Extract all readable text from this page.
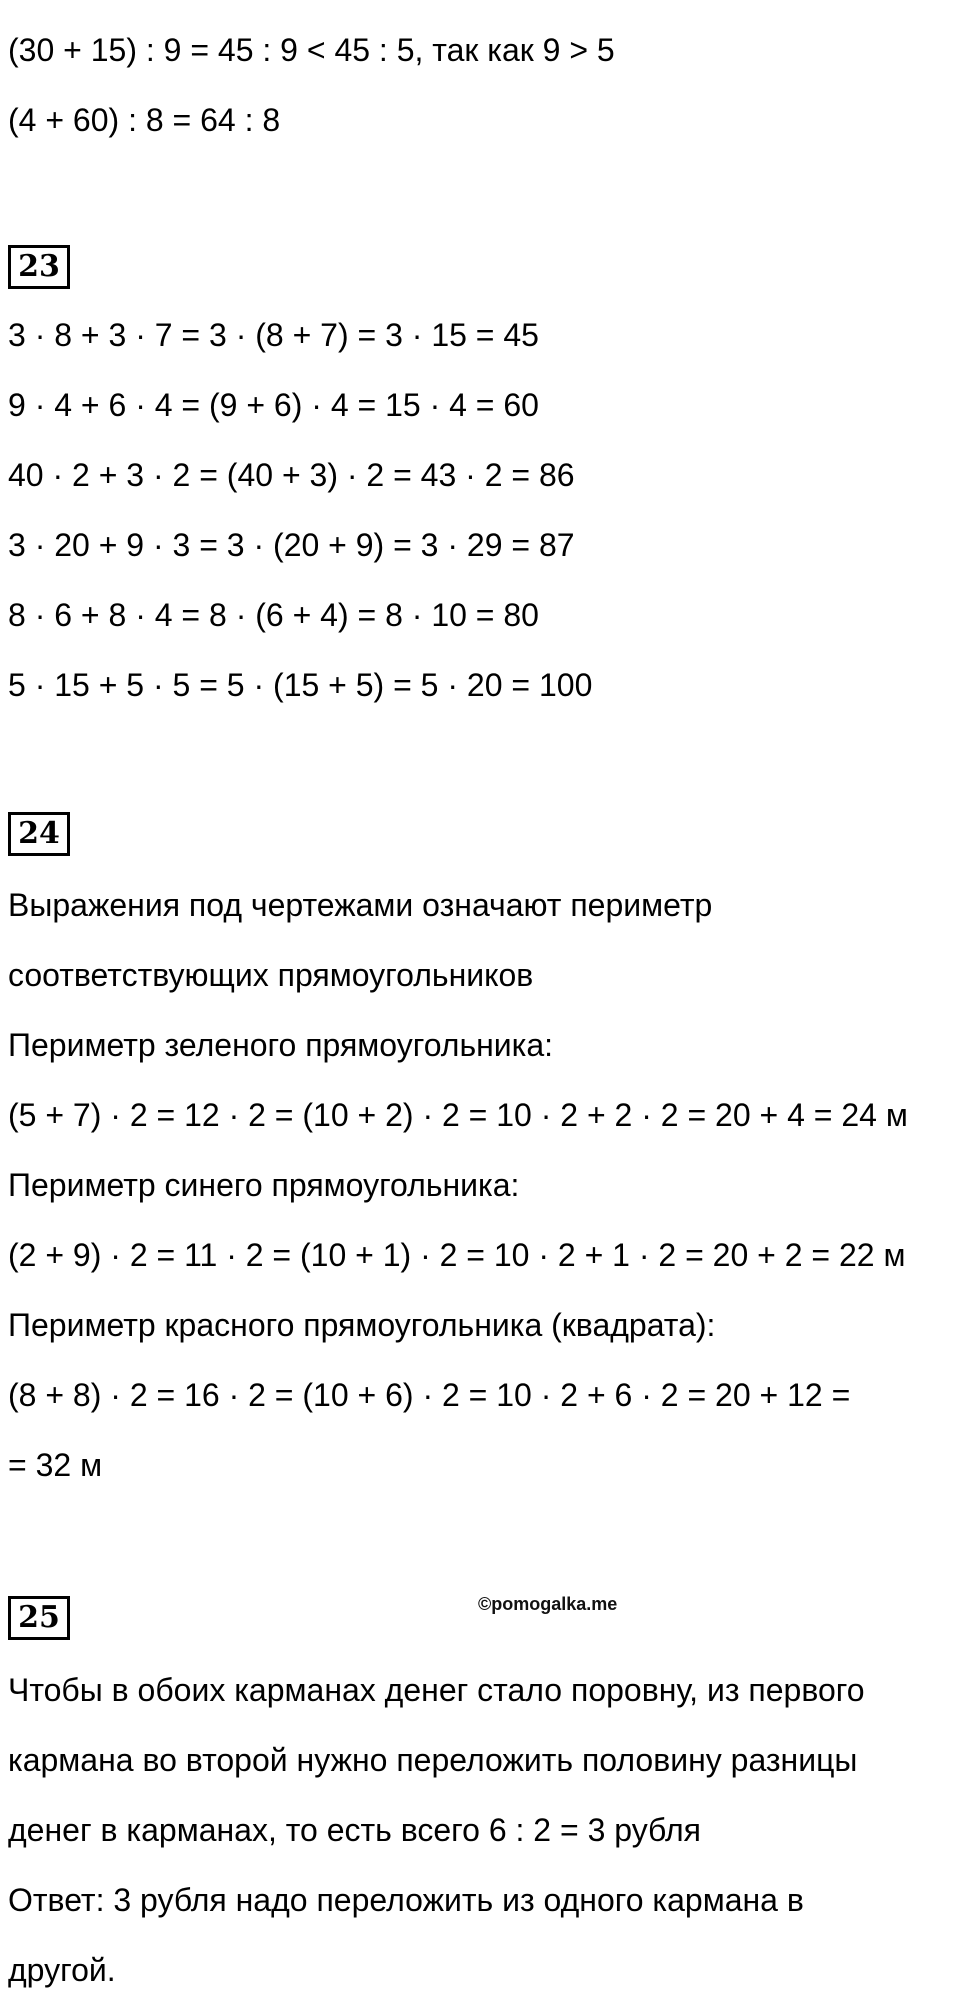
(30 + 15) : 9 = 45 : 9 < 45 : 5, так как 9 > 5
(4 + 60) : 8 = 64 : 8
23
3 · 8 + 3 · 7 = 3 · (8 + 7) = 3 · 15 = 45
9 · 4 + 6 · 4 = (9 + 6) · 4 = 15 · 4 = 60
40 · 2 + 3 · 2 = (40 + 3) · 2 = 43 · 2 = 86
3 · 20 + 9 · 3 = 3 · (20 + 9) = 3 · 29 = 87
8 · 6 + 8 · 4 = 8 · (6 + 4) = 8 · 10 = 80
5 · 15 + 5 · 5 = 5 · (15 + 5) = 5 · 20 = 100
24
Выражения под чертежами означают периметр
соответствующих прямоугольников
Периметр зеленого прямоугольника:
(5 + 7) · 2 = 12 · 2 = (10 + 2) · 2 = 10 · 2 + 2 · 2 = 20 + 4 = 24 м
Периметр синего прямоугольника:
(2 + 9) · 2 = 11 · 2 = (10 + 1) · 2 = 10 · 2 + 1 · 2 = 20 + 2 = 22 м
Периметр красного прямоугольника (квадрата):
(8 + 8) · 2 = 16 · 2 = (10 + 6) · 2 = 10 · 2 + 6 · 2 = 20 + 12 =
= 32 м
25	©pomogalka.me
Чтобы в обоих карманах денег стало поровну, из первого
кармана во второй нужно переложить половину разницы
денег в карманах, то есть всего 6 : 2 = 3 рубля
Ответ: 3 рубля надо переложить из одного кармана в
другой.
